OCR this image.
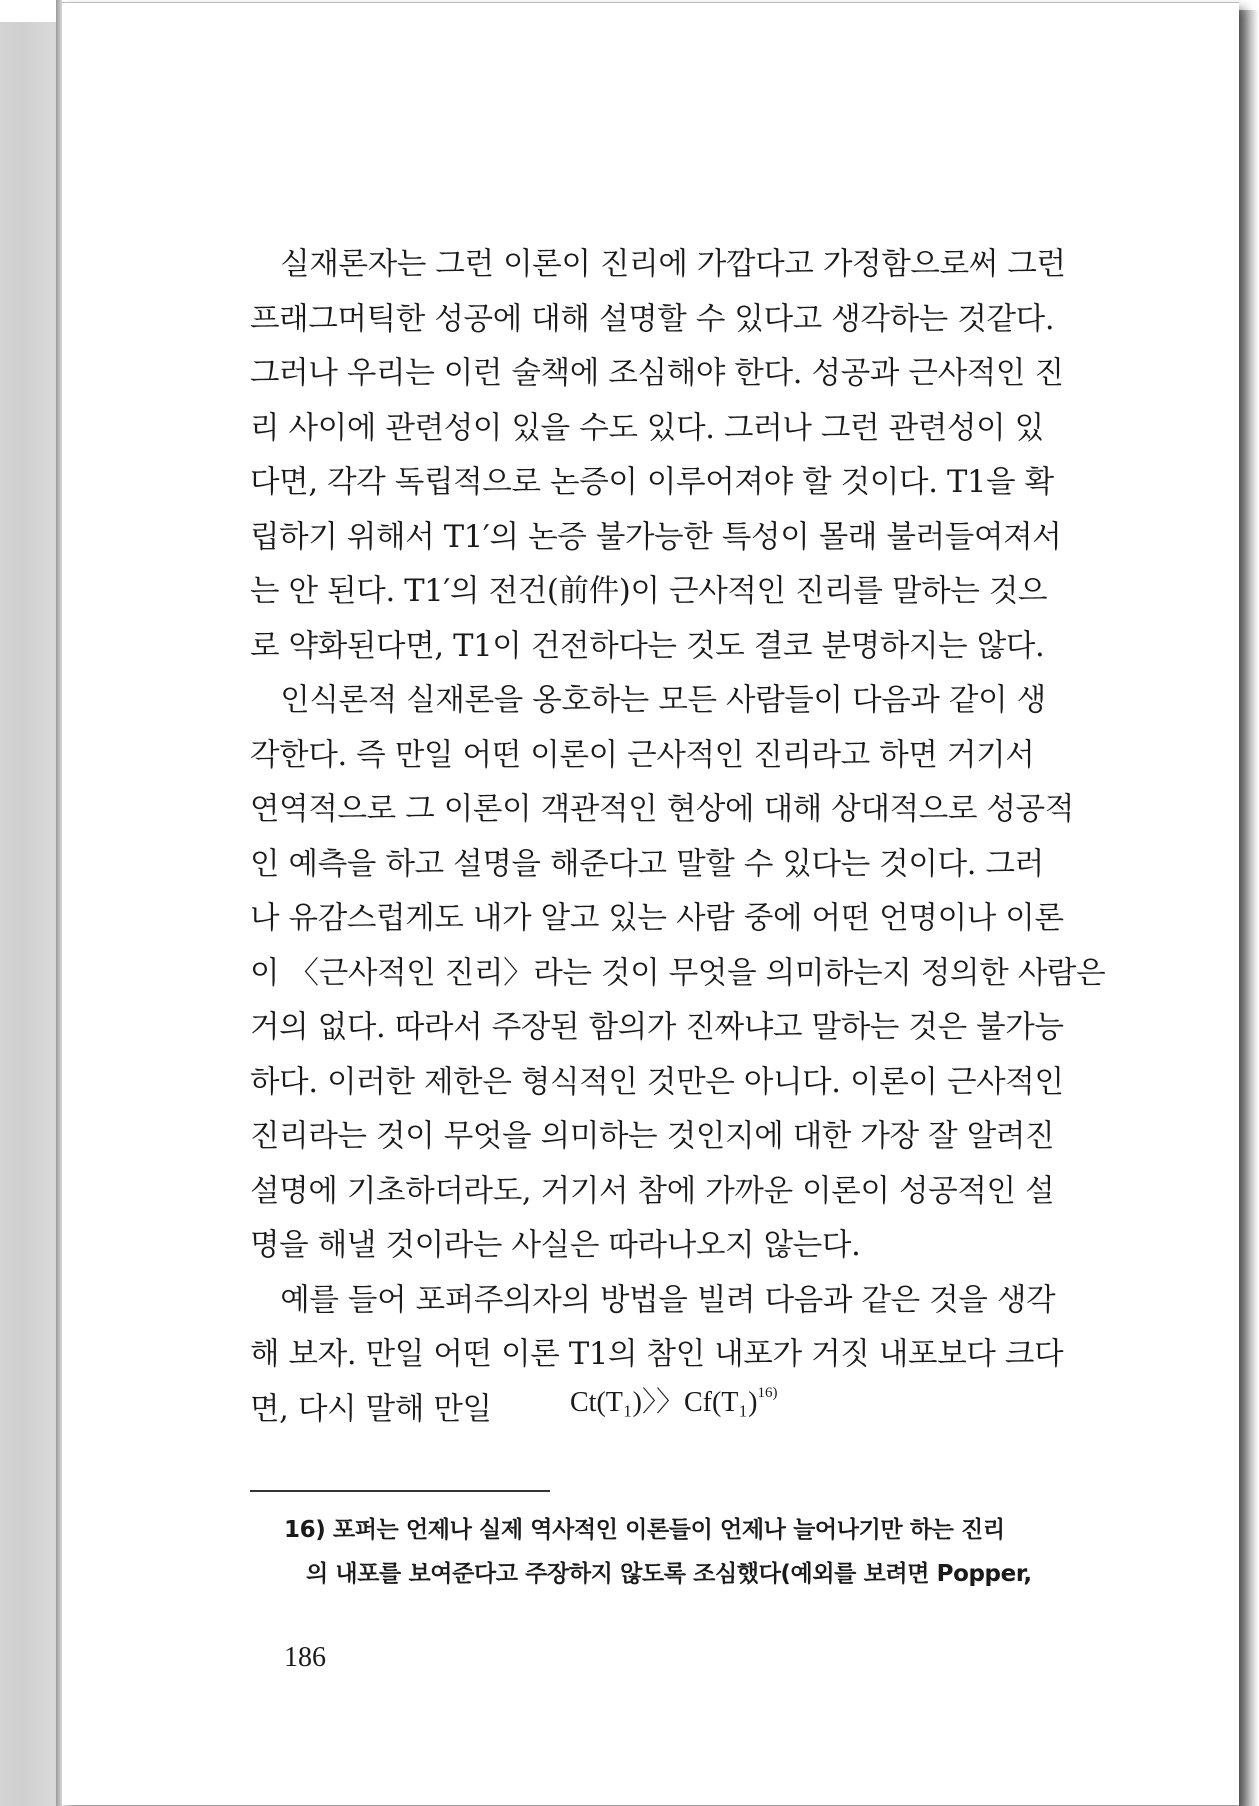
　실재론자는 그런 이론이 진리에 가깝다고 가정함으로써 그런
프래그머틱한 성공에 대해 설명할 수 있다고 생각하는 것같다.
그러나 우리는 이런 술책에 조심해야 한다. 성공과 근사적인 진
리 사이에 관련성이 있을 수도 있다. 그러나 그런 관련성이 있
다면, 각각 독립적으로 논증이 이루어져야 할 것이다. T1을 확
립하기 위해서 T1′의 논증 불가능한 특성이 몰래 불러들여져서
는 안 된다. T1′의 전건(前件)이 근사적인 진리를 말하는 것으
로 약화된다면, T1이 건전하다는 것도 결코 분명하지는 않다.
　인식론적 실재론을 옹호하는 모든 사람들이 다음과 같이 생
각한다. 즉 만일 어떤 이론이 근사적인 진리라고 하면 거기서
연역적으로 그 이론이 객관적인 현상에 대해 상대적으로 성공적
인 예측을 하고 설명을 해준다고 말할 수 있다는 것이다. 그러
나 유감스럽게도 내가 알고 있는 사람 중에 어떤 언명이나 이론
이 〈근사적인 진리〉라는 것이 무엇을 의미하는지 정의한 사람은
거의 없다. 따라서 주장된 함의가 진짜냐고 말하는 것은 불가능
하다. 이러한 제한은 형식적인 것만은 아니다. 이론이 근사적인
진리라는 것이 무엇을 의미하는 것인지에 대한 가장 잘 알려진
설명에 기초하더라도, 거기서 참에 가까운 이론이 성공적인 설
명을 해낼 것이라는 사실은 따라나오지 않는다.
　예를 들어 포퍼주의자의 방법을 빌려 다음과 같은 것을 생각
해 보자. 만일 어떤 이론 T1의 참인 내포가 거짓 내포보다 크다
면, 다시 말해 만일	Ct(T₁)〉〉$Cf(T_1)^{16)}$
16) 포퍼는 언제나 실제 역사적인 이론들이 언제나 늘어나기만 하는 진리
의 내포를 보여준다고 주장하지 않도록 조심했다(예외를 보려면 Popper,
186
